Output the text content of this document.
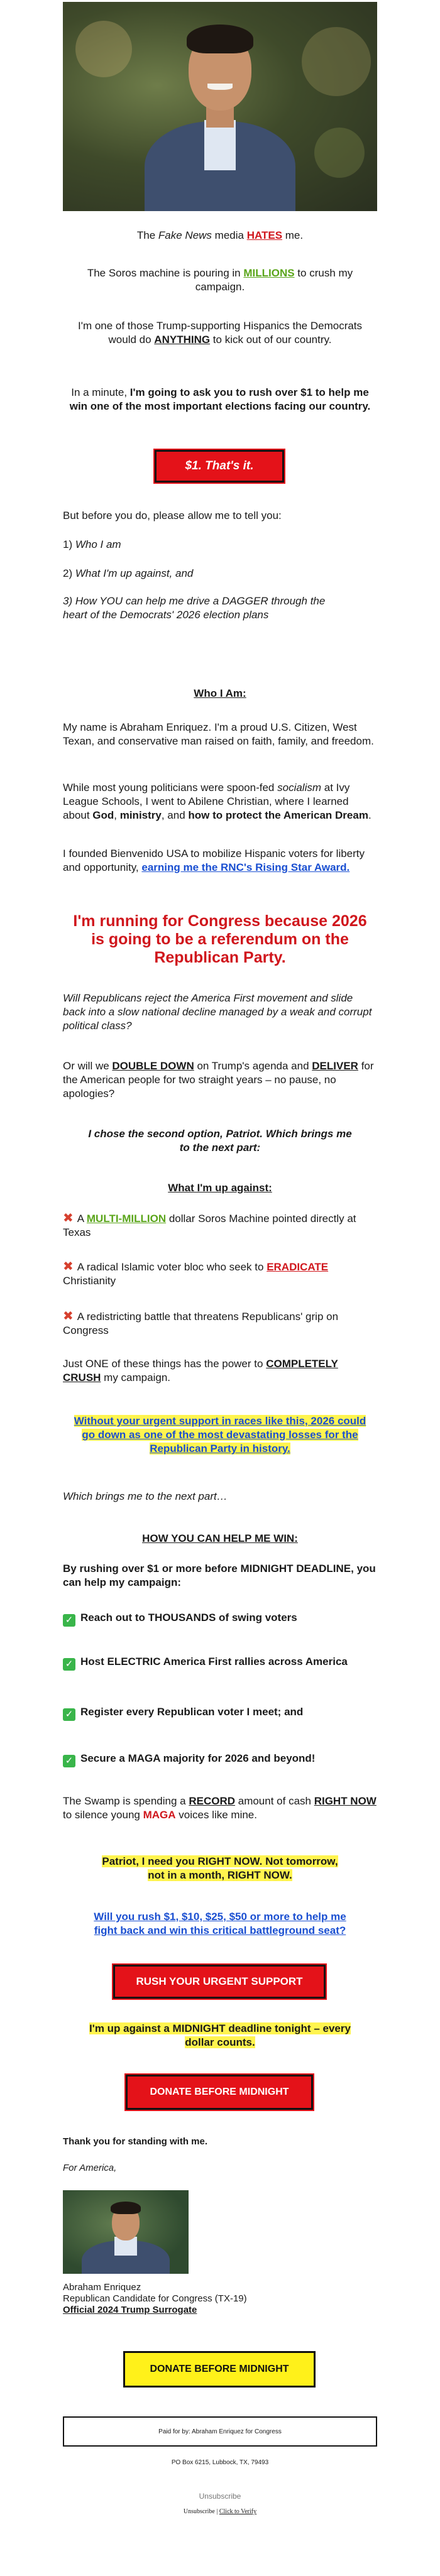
The Fake News media HATES me.
The Soros machine is pouring in MILLIONS to crush my campaign.
I'm one of those Trump-supporting Hispanics the Democrats would do ANYTHING to kick out of our country.
In a minute, I'm going to ask you to rush over $1 to help me win one of the most important elections facing our country.
$1. That's it.
But before you do, please allow me to tell you:
1) Who I am
2) What I'm up against, and
3) How YOU can help me drive a DAGGER through the heart of the Democrats' 2026 election plans
Who I Am:
My name is Abraham Enriquez. I'm a proud U.S. Citizen, West Texan, and conservative man raised on faith, family, and freedom.
While most young politicians were spoon-fed socialism at Ivy League Schools, I went to Abilene Christian, where I learned about God, ministry, and how to protect the American Dream.
I founded Bienvenido USA to mobilize Hispanic voters for liberty and opportunity, earning me the RNC's Rising Star Award.
I'm running for Congress because 2026 is going to be a referendum on the Republican Party.
Will Republicans reject the America First movement and slide back into a slow national decline managed by a weak and corrupt political class?
Or will we DOUBLE DOWN on Trump's agenda and DELIVER for the American people for two straight years – no pause, no apologies?
I chose the second option, Patriot. Which brings me to the next part:
What I'm up against:
✖ A MULTI-MILLION dollar Soros Machine pointed directly at Texas
✖ A radical Islamic voter bloc who seek to ERADICATE Christianity
✖ A redistricting battle that threatens Republicans' grip on Congress
Just ONE of these things has the power to COMPLETELY CRUSH my campaign.
Without your urgent support in races like this, 2026 could go down as one of the most devastating losses for the Republican Party in history.
Which brings me to the next part…
HOW YOU CAN HELP ME WIN:
By rushing over $1 or more before MIDNIGHT DEADLINE, you can help my campaign:
✓ Reach out to THOUSANDS of swing voters
✓ Host ELECTRIC America First rallies across America
✓ Register every Republican voter I meet; and
✓ Secure a MAGA majority for 2026 and beyond!
The Swamp is spending a RECORD amount of cash RIGHT NOW to silence young MAGA voices like mine.
Patriot, I need you RIGHT NOW. Not tomorrow, not in a month, RIGHT NOW.
Will you rush $1, $10, $25, $50 or more to help me fight back and win this critical battleground seat?
RUSH YOUR URGENT SUPPORT
I'm up against a MIDNIGHT deadline tonight – every dollar counts.
DONATE BEFORE MIDNIGHT
Thank you for standing with me.
For America,
Abraham Enriquez
Republican Candidate for Congress (TX-19)
Official 2024 Trump Surrogate
DONATE BEFORE MIDNIGHT
Paid for by: Abraham Enriquez for Congress
PO Box 6215, Lubbock, TX, 79493
Unsubscribe
Unsubscribe | Click to Verify
